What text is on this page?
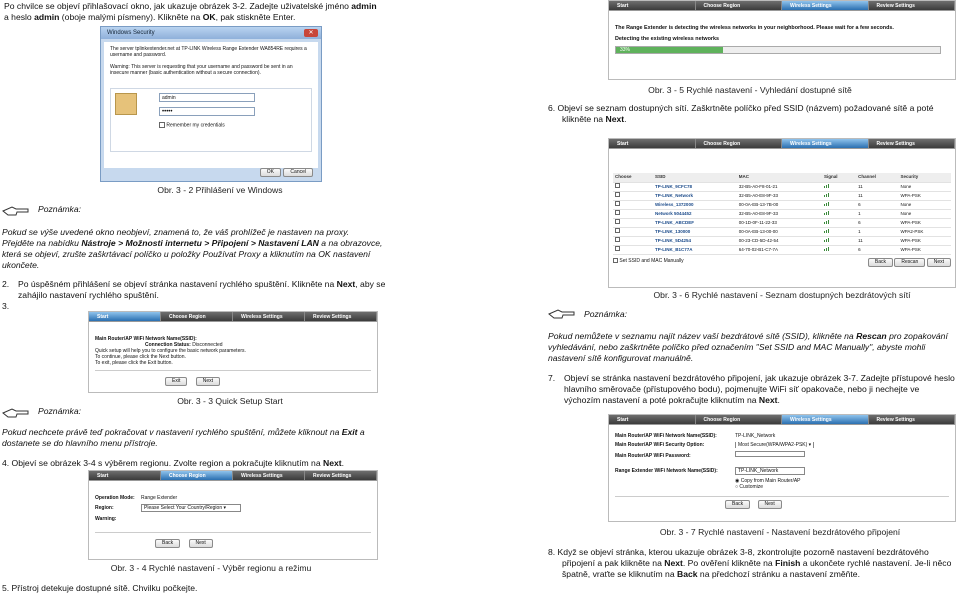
Po chvilce se objeví přihlašovací okno, jak ukazuje obrázek 3-2. Zadejte uživatelské jméno admin
a heslo admin (oboje malými písmeny). Klikněte na OK, pak stiskněte Enter.
Windows Security	✕
The server tplinkextender.net at TP-LINK Wireless Range Extender WA854RE requires a username and password.
Warning: This server is requesting that your username and password be sent in an insecure manner (basic authentication without a secure connection).
admin
•••••
Remember my credentials
OK	Cancel
Obr. 3 - 2 Přihlášení ve Windows
Poznámka:
Pokud se výše uvedené okno neobjeví, znamená to, že váš prohlížeč je nastaven na proxy.
Přejděte na nabídku Nástroje > Možnosti internetu > Připojení > Nastavení LAN a na obrazovce, která se objeví, zrušte zaškrtávací políčko u položky Používat Proxy a kliknutím na OK nastavení ukončete.
2. Po úspěšném přihlášení se objeví stránka nastavení rychlého spuštění. Klikněte na Next, aby se zahájilo nastavení rychlého spuštění.
3.
Start	Choose Region	Wireless Settings	Review Settings
Main Router/AP WiFi Network Name(SSID):
Connection Status: Disconnected
Quick setup will help you to configure the basic network parameters.
To continue, please click the Next button.
To exit, please click the Exit button.
Exit	Next
Obr. 3 - 3 Quick Setup Start
Poznámka:
Pokud nechcete právě teď pokračovat v nastavení rychlého spuštění, můžete kliknout na Exit a dostanete se do hlavního menu přístroje.
4. Objeví se obrázek 3-4 s výběrem regionu. Zvolte region a pokračujte kliknutím na Next.
Start	Choose Region	Wireless Settings	Review Settings
Operation Mode: Range Extender
Region:	Please Select Your Country/Region ▾
Warning:
Back	Next
Obr. 3 - 4 Rychlé nastavení - Výběr regionu a režimu
5. Přístroj detekuje dostupné sítě. Chvilku počkejte.
Start	Choose Region	Wireless Settings	Review Settings
The Range Extender is detecting the wireless networks in your neighborhood. Please wait for a few seconds.
Detecting the existing wireless networks
33%
Obr. 3 - 5 Rychlé nastavení - Vyhledání dostupné sítě
6. Objeví se seznam dostupných sítí. Zaškrtněte políčko před SSID (názvem) požadované sítě a poté klikněte na Next.
Start	Choose Region	Wireless Settings	Review Settings
Choose	SSID	MAC	Signal	Channel	Security
	TP-LINK_9CFC78	32-B5-A0-F8-01-21		11	None
	TP-LINK_Network	32-B5-A0-E8-9F-33		11	WPA-PSK
	Wireless_1372000	00-0A-EB-13-7B-00		6	None
	Network 5044452	32-B5-A0-E8-9F-33		1	None
	TP-LINK_ABCDEF	00-1D-0F-11-22-33		6	WPA-PSK
	TP-LINK_130000	00-0A-EB-13-00-00		1	WPA2-PSK
	TP-LINK_5D4254	00-23-CD-5D-42-54		11	WPA-PSK
	TP-LINK_B1C77A	64-70-02-B1-C7-7A		6	WPA-PSK
Set SSID and MAC Manually	Back	Rescan	Next
Poznámka:
Obr. 3 - 6 Rychlé nastavení - Seznam dostupných bezdrátových sítí
Pokud nemůžete v seznamu najít název vaší bezdrátové sítě (SSID), klikněte na Rescan pro zopakování vyhledávání, nebo zaškrtněte políčko před označením "Set SSID and MAC Manually", abyste mohli nastavení sítě konfigurovat manuálně.
7. Objeví se stránka nastavení bezdrátového připojení, jak ukazuje obrázek 3-7. Zadejte přístupové heslo hlavního směrovače (přístupového bodu), pojmenujte WiFi síť opakovače, nebo ji nechejte ve výchozím nastavení a poté pokračujte kliknutím na Next.
Start	Choose Region	Wireless Settings	Review Settings
Main Router/AP WiFi Network Name(SSID):	TP-LINK_Network
Main Router/AP WiFi Security Option:	Most Secure(WPA/WPA2-PSK) ▾
Main Router/AP WiFi Password:
Range Extender WiFi Network Name(SSID):	TP-LINK_Network
◉ Copy from Main Router/AP
○ Customize
Back	Next
Obr. 3 - 7 Rychlé nastavení - Nastavení bezdrátového připojení
8. Když se objeví stránka, kterou ukazuje obrázek 3-8, zkontrolujte pozorně nastavení bezdrátového připojení a pak klikněte na Next. Po ověření klikněte na Finish a ukončete rychlé nastavení. Je-li něco špatně, vraťte se kliknutím na Back na předchozí stránku a nastavení změňte.
